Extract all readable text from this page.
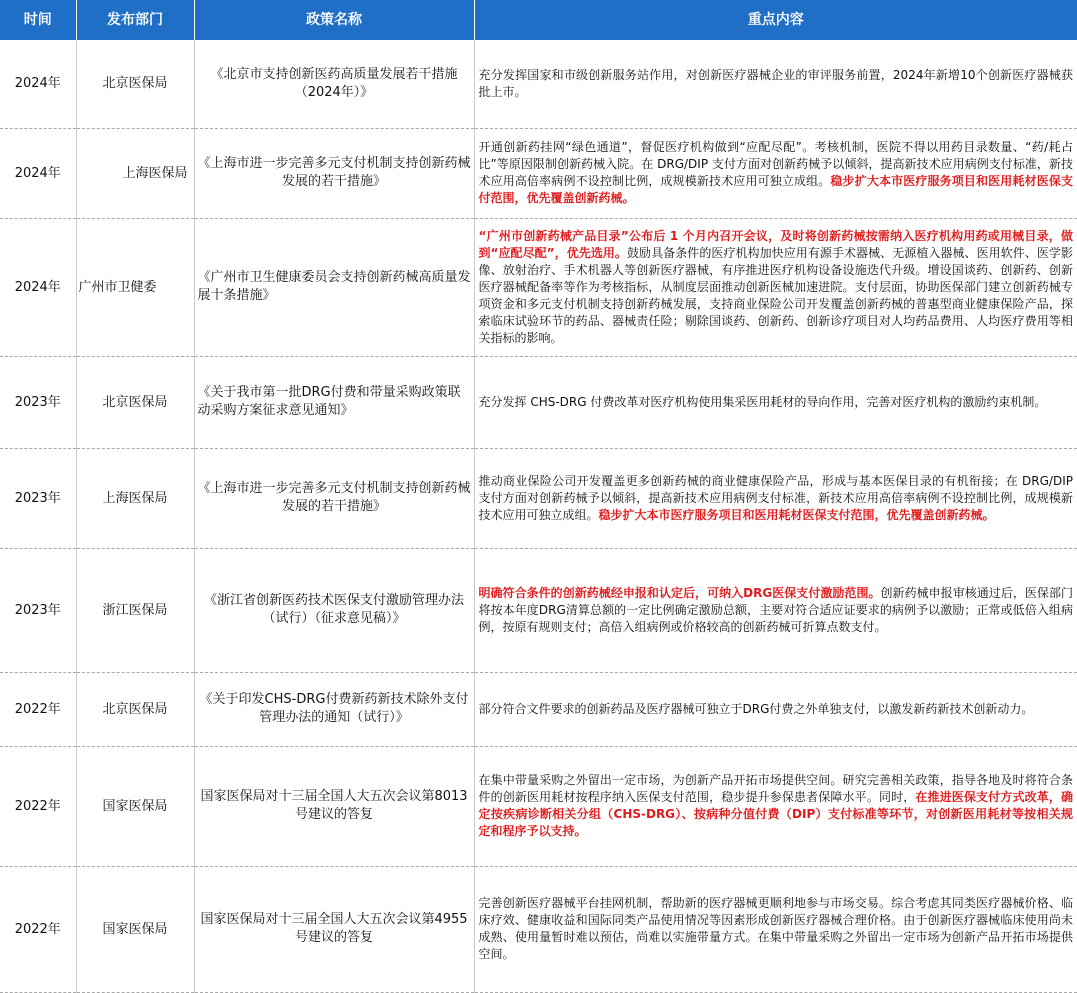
时间	发布部门	政策名称	重点内容
2024年	北京医保局	《北京市支持创新医药高质量发展若干措施（2024年）》	充分发挥国家和市级创新服务站作用，对创新医疗器械企业的审评服务前置，2024年新增10个创新医疗器械获批上市。
2024年	上海医保局	《上海市进一步完善多元支付机制支持创新药械发展的若干措施》	开通创新药挂网“绿色通道”，督促医疗机构做到“应配尽配”。考核机制，医院不得以用药目录数量、“药/耗占比”等原因限制创新药械入院。在 DRG/DIP 支付方面对创新药械予以倾斜，提高新技术应用病例支付标准，新技术应用高倍率病例不设控制比例，成规模新技术应用可独立成组。稳步扩大本市医疗服务项目和医用耗材医保支付范围，优先覆盖创新药械。
2024年	广州市卫健委	《广州市卫生健康委员会支持创新药械高质量发展十条措施》	“广州市创新药械产品目录”公布后 1 个月内召开会议，及时将创新药械按需纳入医疗机构用药或用械目录，做到“应配尽配”，优先选用。鼓励具备条件的医疗机构加快应用有源手术器械、无源植入器械、医用软件、医学影像、放射治疗、手术机器人等创新医疗器械，有序推进医疗机构设备设施迭代升级。增设国谈药、创新药、创新医疗器械配备率等作为考核指标，从制度层面推动创新医械加速进院。支付层面，协助医保部门建立创新药械专项资金和多元支付机制支持创新药械发展，支持商业保险公司开发覆盖创新药械的普惠型商业健康保险产品，探索临床试验环节的药品、器械责任险；剔除国谈药、创新药、创新诊疗项目对人均药品费用、人均医疗费用等相关指标的影响。
2023年	北京医保局	《关于我市第一批DRG付费和带量采购政策联动采购方案征求意见通知》	充分发挥 CHS-DRG 付费改革对医疗机构使用集采医用耗材的导向作用，完善对医疗机构的激励约束机制。
2023年	上海医保局	《上海市进一步完善多元支付机制支持创新药械发展的若干措施》	推动商业保险公司开发覆盖更多创新药械的商业健康保险产品，形成与基本医保目录的有机衔接；在 DRG/DIP 支付方面对创新药械予以倾斜，提高新技术应用病例支付标准，新技术应用高倍率病例不设控制比例，成规模新技术应用可独立成组。稳步扩大本市医疗服务项目和医用耗材医保支付范围，优先覆盖创新药械。
2023年	浙江医保局	《浙江省创新医药技术医保支付激励管理办法（试行）（征求意见稿）》	明确符合条件的创新药械经申报和认定后，可纳入DRG医保支付激励范围。创新药械申报审核通过后，医保部门将按本年度DRG清算总额的一定比例确定激励总额，主要对符合适应证要求的病例予以激励；正常或低倍入组病例，按原有规则支付；高倍入组病例或价格较高的创新药械可折算点数支付。
2022年	北京医保局	《关于印发CHS-DRG付费新药新技术除外支付管理办法的通知（试行）》	部分符合文件要求的创新药品及医疗器械可独立于DRG付费之外单独支付，以激发新药新技术创新动力。
2022年	国家医保局	国家医保局对十三届全国人大五次会议第8013号建议的答复	在集中带量采购之外留出一定市场，为创新产品开拓市场提供空间。研究完善相关政策，指导各地及时将符合条件的创新医用耗材按程序纳入医保支付范围，稳步提升参保患者保障水平。同时，在推进医保支付方式改革，确定按疾病诊断相关分组（CHS-DRG）、按病种分值付费（DIP）支付标准等环节，对创新医用耗材等按相关规定和程序予以支持。
2022年	国家医保局	国家医保局对十三届全国人大五次会议第4955号建议的答复	完善创新医疗器械平台挂网机制，帮助新的医疗器械更顺利地参与市场交易。综合考虑其同类医疗器械价格、临床疗效、健康收益和国际同类产品使用情况等因素形成创新医疗器械合理价格。由于创新医疗器械临床使用尚未成熟、使用量暂时难以预估，尚难以实施带量方式。在集中带量采购之外留出一定市场为创新产品开拓市场提供空间。
